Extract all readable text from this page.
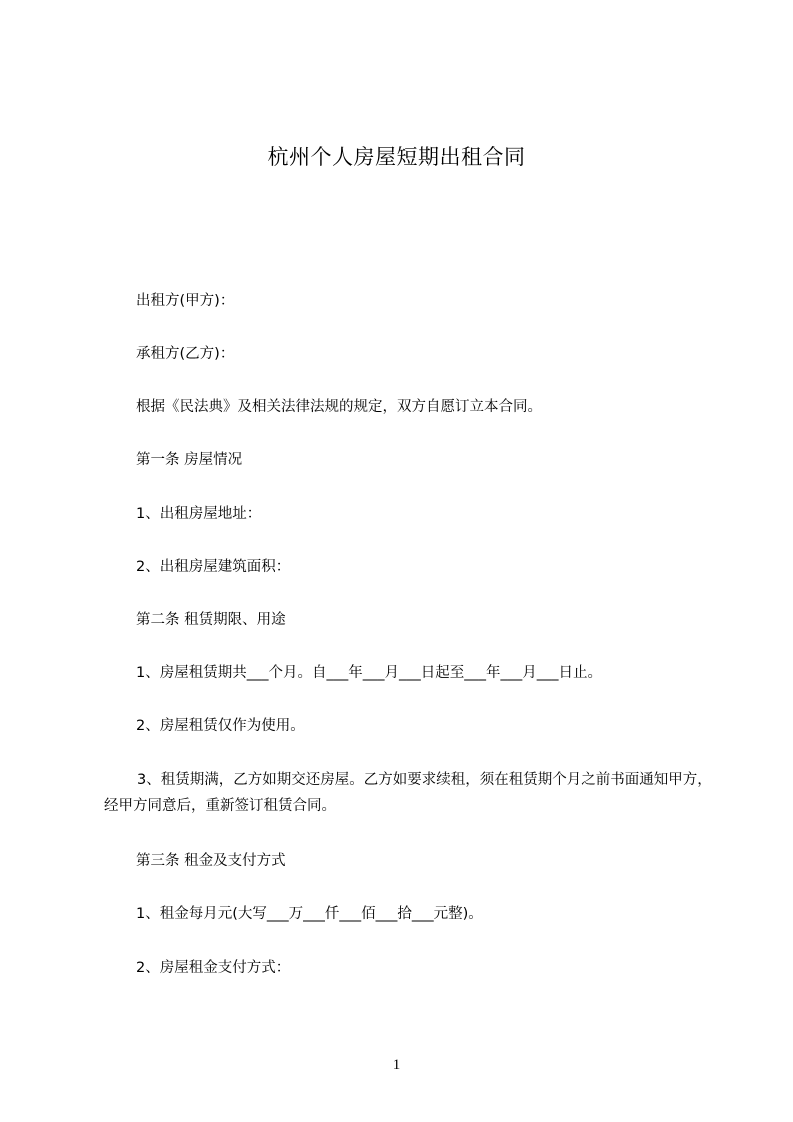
杭州个人房屋短期出租合同
出租方(甲方)：
承租方(乙方)：
根据《民法典》及相关法律法规的规定，双方自愿订立本合同。
第一条 房屋情况
1、出租房屋地址：
2、出租房屋建筑面积：
第二条 租赁期限、用途
1、房屋租赁期共___个月。自___年___月___日起至___年___月___日止。
2、房屋租赁仅作为使用。
3、租赁期满，乙方如期交还房屋。乙方如要求续租，须在租赁期个月之前书面通知甲方，经甲方同意后，重新签订租赁合同。
第三条 租金及支付方式
1、租金每月元(大写___万___仟___佰___拾___元整)。
2、房屋租金支付方式：
1
